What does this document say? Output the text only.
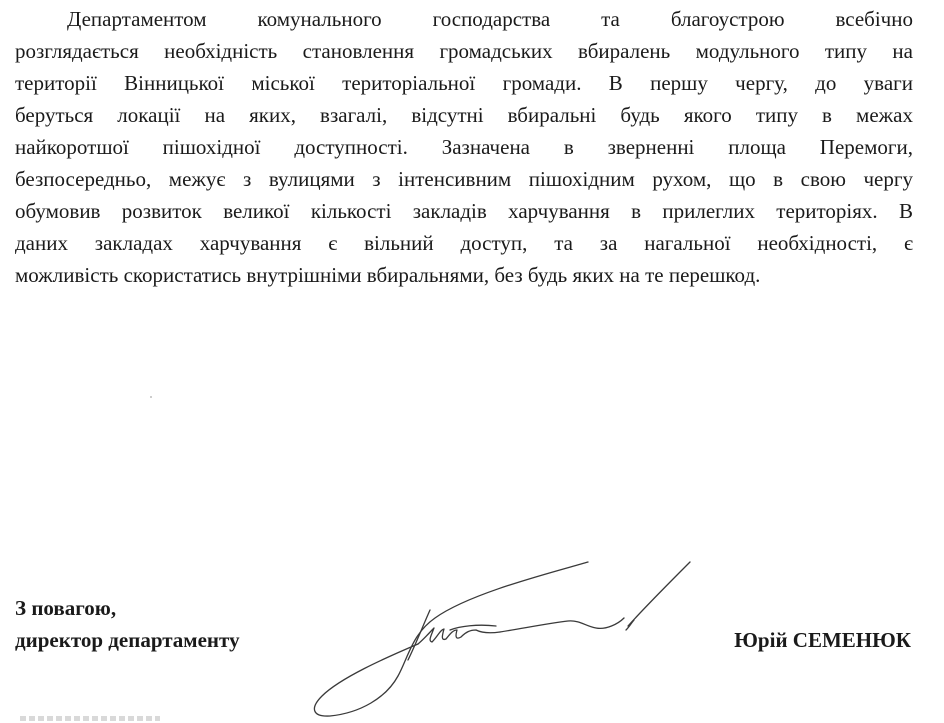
Департаментом комунального господарства та благоустрою всебічно
розглядається необхідність становлення громадських вбиралень модульного типу на
території Вінницької міської територіальної громади. В першу чергу, до уваги
беруться локації на яких, взагалі, відсутні вбиральні будь якого типу в межах
найкоротшої пішохідної доступності. Зазначена в зверненні площа Перемоги,
безпосередньо, межує з вулицями з інтенсивним пішохідним рухом, що в свою чергу
обумовив розвиток великої кількості закладів харчування в прилеглих територіях. В
даних закладах харчування є вільний доступ, та за нагальної необхідності, є
можливість скористатись внутрішніми вбиральнями, без будь яких на те перешкод.
З повагою,
директор департаменту	Юрій СЕМЕНЮК
